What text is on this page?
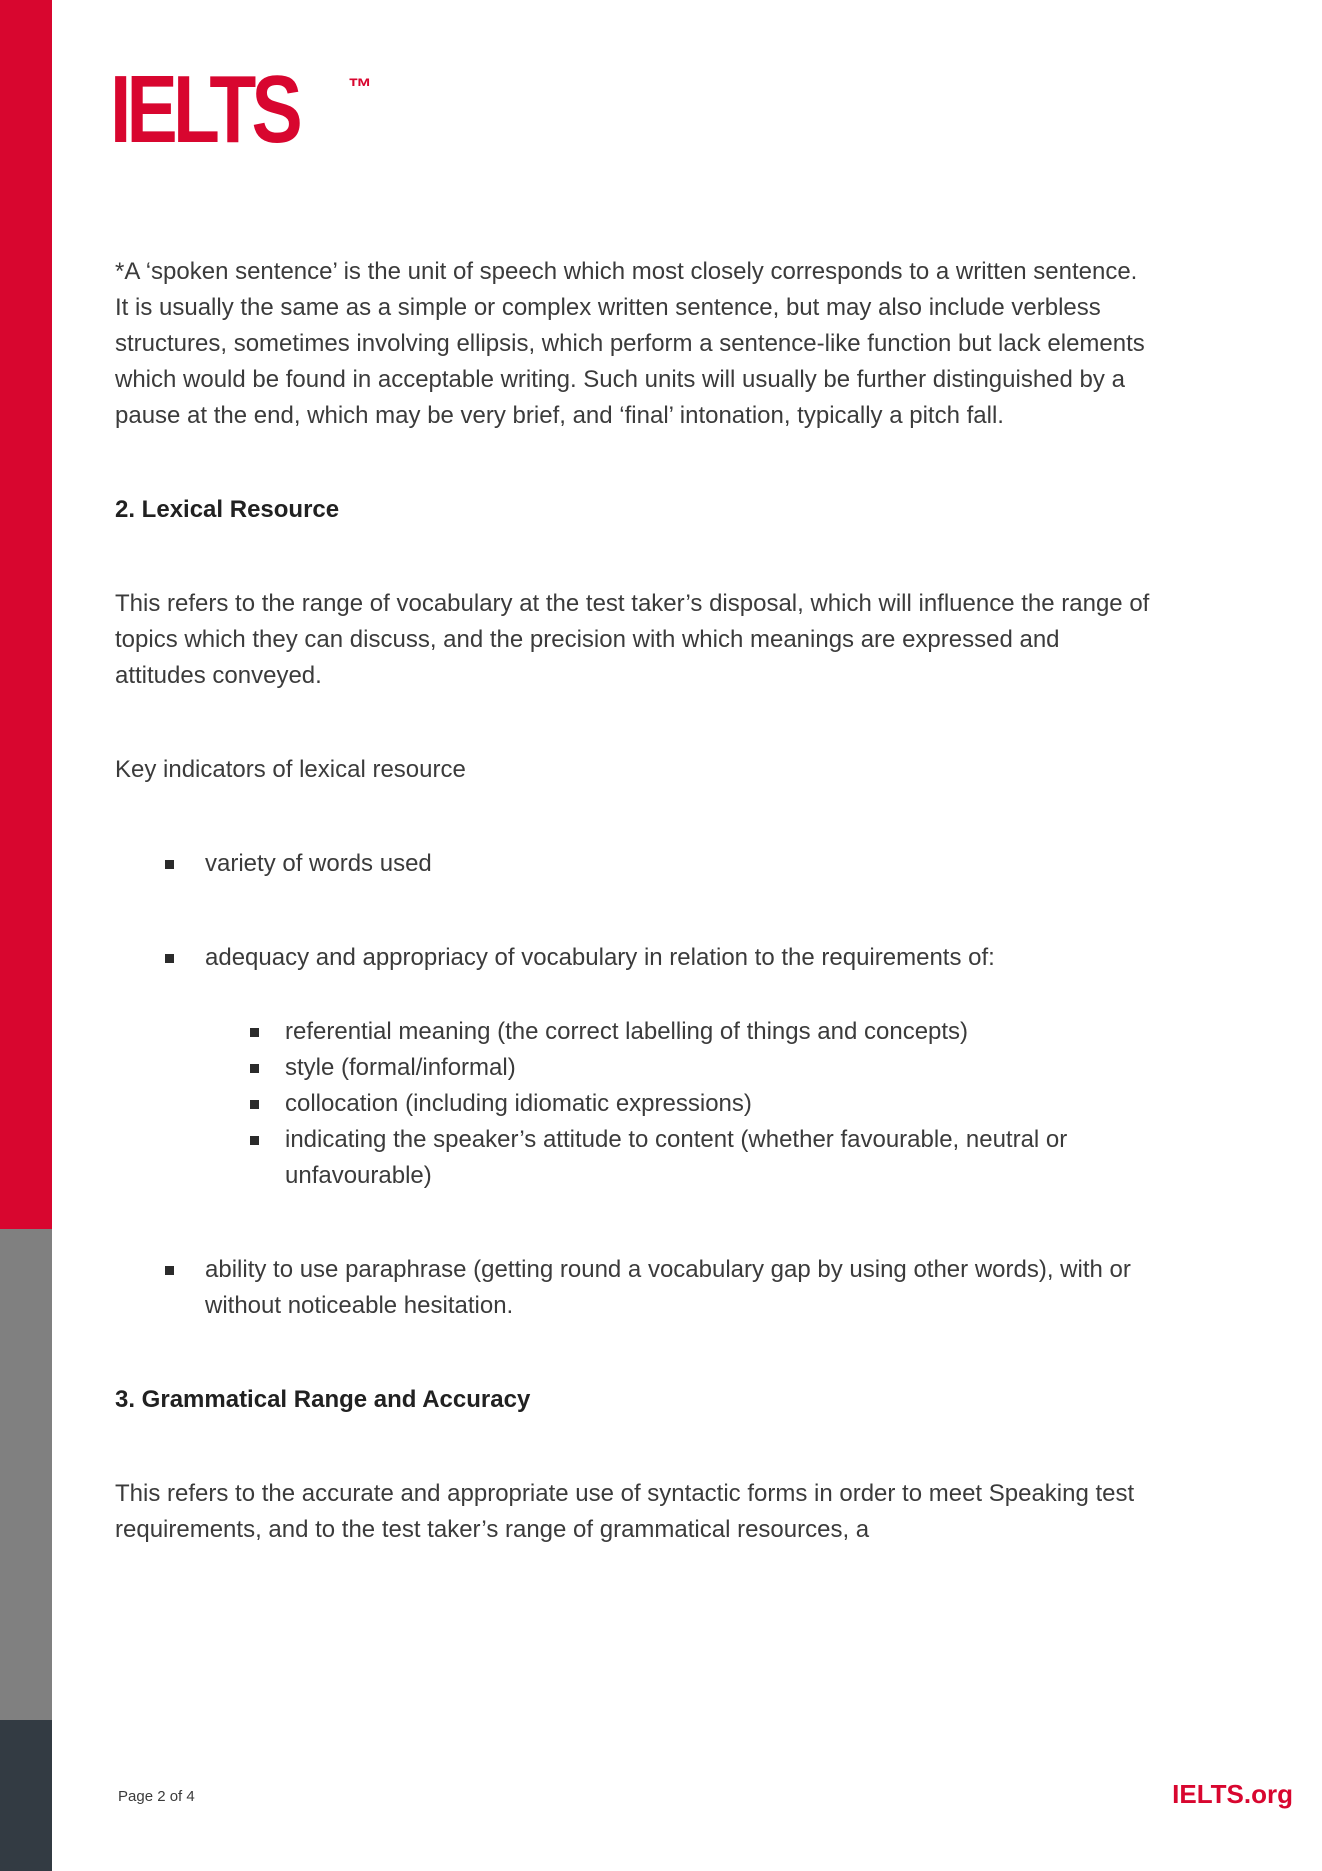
IELTS ™

*A ‘spoken sentence’ is the unit of speech which most closely corresponds to a written sentence. It is usually the same as a simple or complex written sentence, but may also include verbless structures, sometimes involving ellipsis, which perform a sentence-like function but lack elements which would be found in acceptable writing. Such units will usually be further distinguished by a pause at the end, which may be very brief, and ‘final’ intonation, typically a pitch fall.

2. Lexical Resource

This refers to the range of vocabulary at the test taker’s disposal, which will influence the range of topics which they can discuss, and the precision with which meanings are expressed and attitudes conveyed.

Key indicators of lexical resource

variety of words used
adequacy and appropriacy of vocabulary in relation to the requirements of:
referential meaning (the correct labelling of things and concepts)
style (formal/informal)
collocation (including idiomatic expressions)
indicating the speaker’s attitude to content (whether favourable, neutral or unfavourable)
ability to use paraphrase (getting round a vocabulary gap by using other words), with or without noticeable hesitation.
3. Grammatical Range and Accuracy

This refers to the accurate and appropriate use of syntactic forms in order to meet Speaking test requirements, and to the test taker’s range of grammatical resources, a

Page 2 of 4	IELTS.org
